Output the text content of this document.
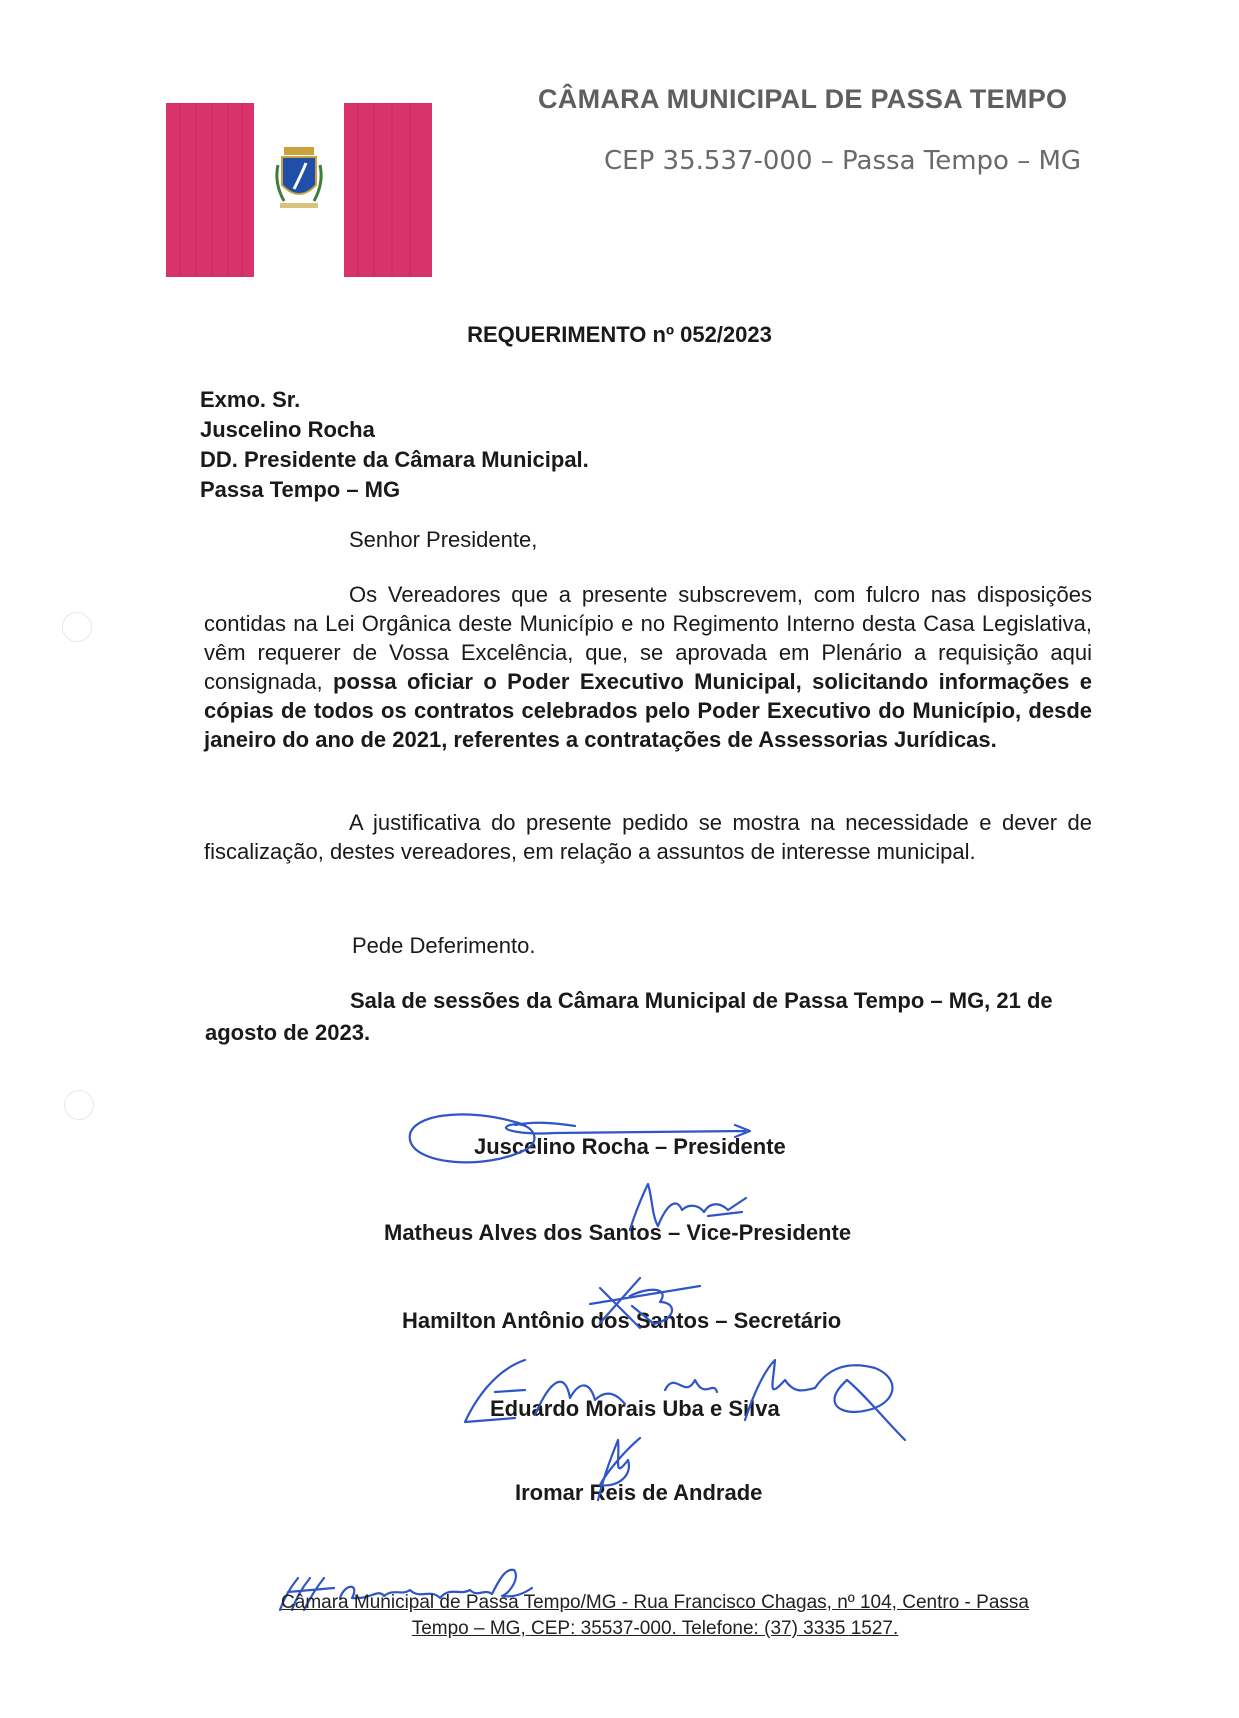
CÂMARA MUNICIPAL DE PASSA TEMPO
CEP 35.537-000 – Passa Tempo – MG
REQUERIMENTO nº 052/2023
Exmo. Sr.
Juscelino Rocha
DD. Presidente da Câmara Municipal.
Passa Tempo – MG
Senhor Presidente,
Os Vereadores que a presente subscrevem, com fulcro nas disposições contidas na Lei Orgânica deste Município e no Regimento Interno desta Casa Legislativa, vêm requerer de Vossa Excelência, que, se aprovada em Plenário a requisição aqui consignada, possa oficiar o Poder Executivo Municipal, solicitando informações e cópias de todos os contratos celebrados pelo Poder Executivo do Município, desde janeiro do ano de 2021, referentes a contratações de Assessorias Jurídicas.
A justificativa do presente pedido se mostra na necessidade e dever de fiscalização, destes vereadores, em relação a assuntos de interesse municipal.
Pede Deferimento.
Sala de sessões da Câmara Municipal de Passa Tempo – MG, 21 de agosto de 2023.
Juscelino Rocha – Presidente
Matheus Alves dos Santos – Vice-Presidente
Hamilton Antônio dos Santos – Secretário
Eduardo Morais Uba e Silva
Iromar Reis de Andrade
Câmara Municipal de Passa Tempo/MG - Rua Francisco Chagas, nº 104, Centro - Passa
Tempo – MG, CEP: 35537-000. Telefone: (37) 3335 1527.
